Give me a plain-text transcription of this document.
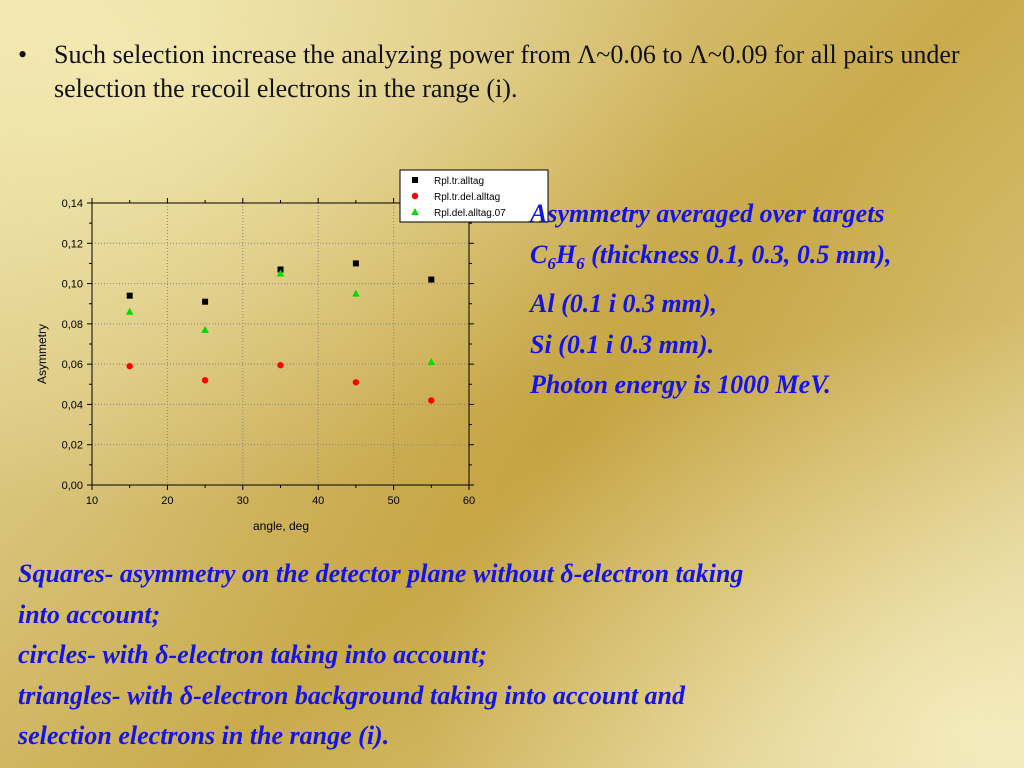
•	Such selection increase the analyzing power from Λ~0.06 to Λ~0.09 for all pairs under selection the recoil electrons in the range (i).
10	20	30	40	50	60
0,00
0,02
0,04
0,06
0,08
0,10
0,12
0,14
Asymmetry
angle, deg
Rpl.tr.alltag
Rpl.tr.del.alltag
Rpl.del.alltag.07 Asymmetry averaged over targets
$C_6H_6$ (thickness 0.1, 0.3, 0.5 mm),
Al (0.1 i 0.3 mm),
Si (0.1 i 0.3 mm).
Photon energy is 1000 MeV.
Squares- asymmetry on the detector plane without δ-electron taking
into account;
circles- with δ-electron taking into account;
triangles- with δ-electron background taking into account and
selection electrons in the range (i).
